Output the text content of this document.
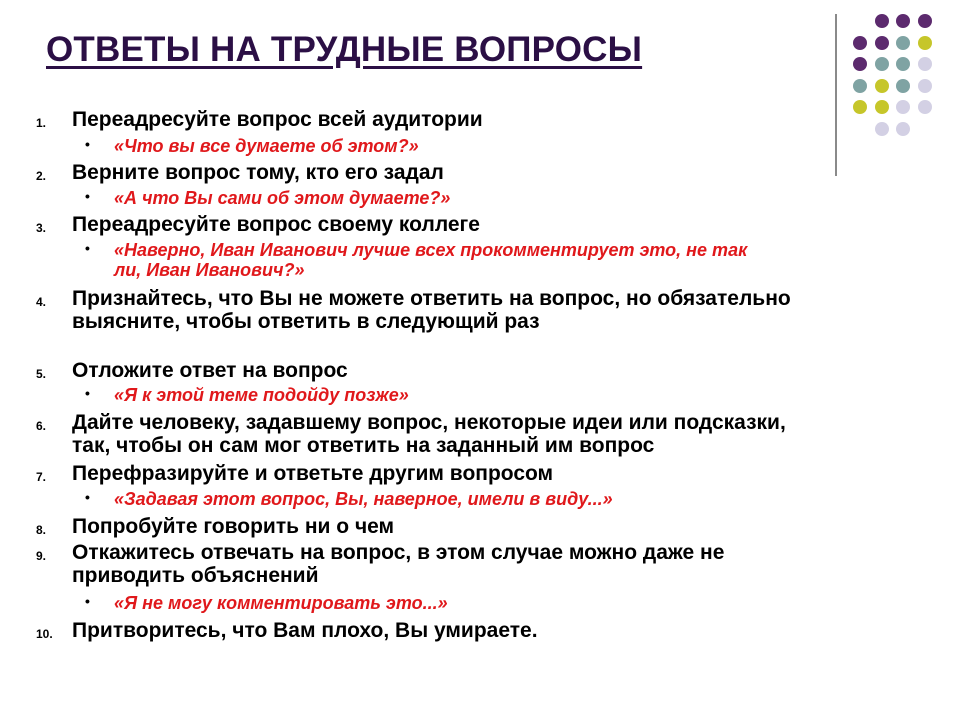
ОТВЕТЫ НА ТРУДНЫЕ ВОПРОСЫ
1. Переадресуйте вопрос всей аудитории
2. Верните вопрос тому, кто его задал
3. Переадресуйте вопрос своему коллеге
4. Признайтесь, что Вы не можете ответить на вопрос, но обязательно
выясните, чтобы ответить в следующий раз
5. Отложите ответ на вопрос
6. Дайте человеку, задавшему вопрос, некоторые идеи или подсказки,
так, чтобы он сам мог ответить на заданный им вопрос
7. Перефразируйте и ответьте другим вопросом
8. Попробуйте говорить ни о чем
9. Откажитесь отвечать на вопрос, в этом случае можно даже не
приводить объяснений
10. Притворитесь, что Вам плохо, Вы умираете.
• «Что вы все думаете об этом?»
• «А что Вы сами об этом думаете?»
• «Наверно, Иван Иванович лучше всех прокомментирует это, не так
ли, Иван Иванович?»
• «Я к этой теме подойду позже»
• «Задавая этот вопрос, Вы, наверное, имели в виду...»
• «Я не могу комментировать это...»
